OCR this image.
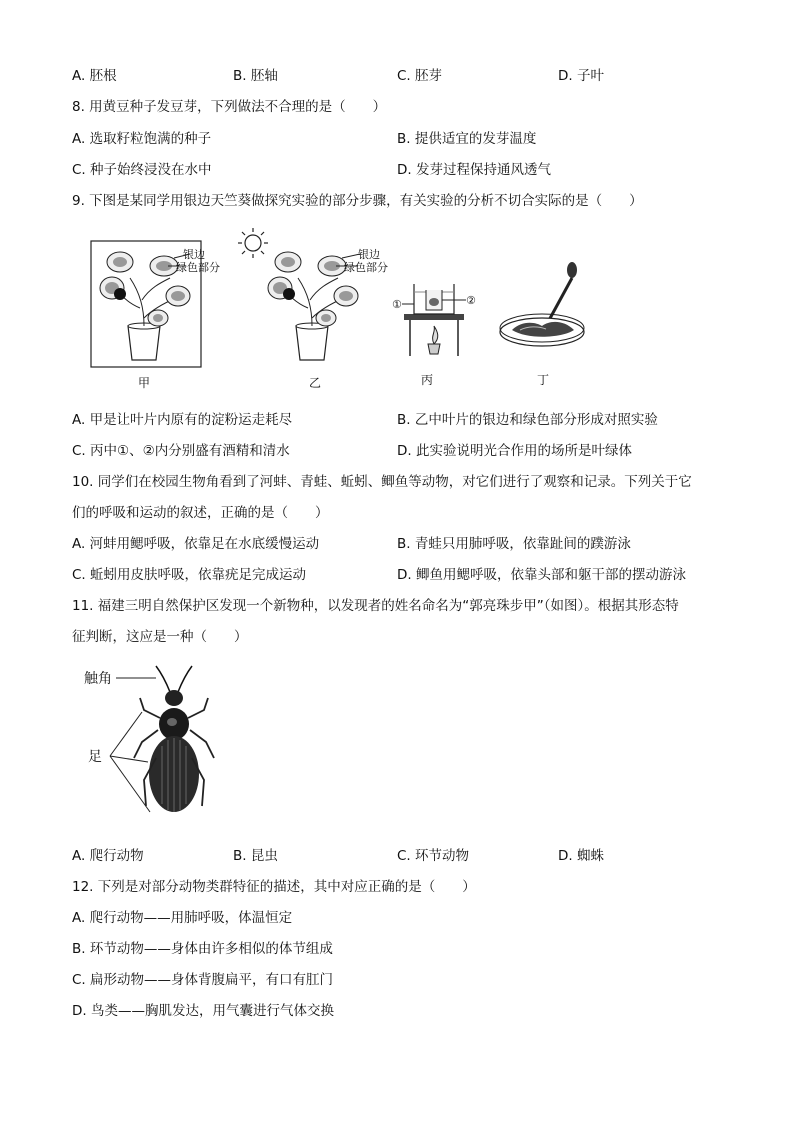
A. 胚根	B. 胚轴	C. 胚芽	D. 子叶
8. 用黄豆种子发豆芽，下列做法不合理的是（　　）
A. 选取籽粒饱满的种子	B. 提供适宜的发芽温度
C. 种子始终浸没在水中	D. 发芽过程保持通风透气
9. 下图是某同学用银边天竺葵做探究实验的部分步骤，有关实验的分析不切合实际的是（　　）
银边
绿色部分
甲
银边
绿色部分
乙
①	②
丙	丁
A. 甲是让叶片内原有的淀粉运走耗尽	B. 乙中叶片的银边和绿色部分形成对照实验
C. 丙中①、②内分别盛有酒精和清水	D. 此实验说明光合作用的场所是叶绿体
10. 同学们在校园生物角看到了河蚌、青蛙、蚯蚓、鲫鱼等动物，对它们进行了观察和记录。下列关于它
们的呼吸和运动的叙述，正确的是（　　）
A. 河蚌用鳃呼吸，依靠足在水底缓慢运动	B. 青蛙只用肺呼吸，依靠趾间的蹼游泳
C. 蚯蚓用皮肤呼吸，依靠疣足完成运动	D. 鲫鱼用鳃呼吸，依靠头部和躯干部的摆动游泳
11. 福建三明自然保护区发现一个新物种，以发现者的姓名命名为“郭亮珠步甲”（如图）。根据其形态特
征判断，这应是一种（　　）
触角
足
A. 爬行动物	B. 昆虫	C. 环节动物	D. 蜘蛛
12. 下列是对部分动物类群特征的描述，其中对应正确的是（　　）
A. 爬行动物——用肺呼吸，体温恒定
B. 环节动物——身体由许多相似的体节组成
C. 扁形动物——身体背腹扁平，有口有肛门
D. 鸟类——胸肌发达，用气囊进行气体交换
